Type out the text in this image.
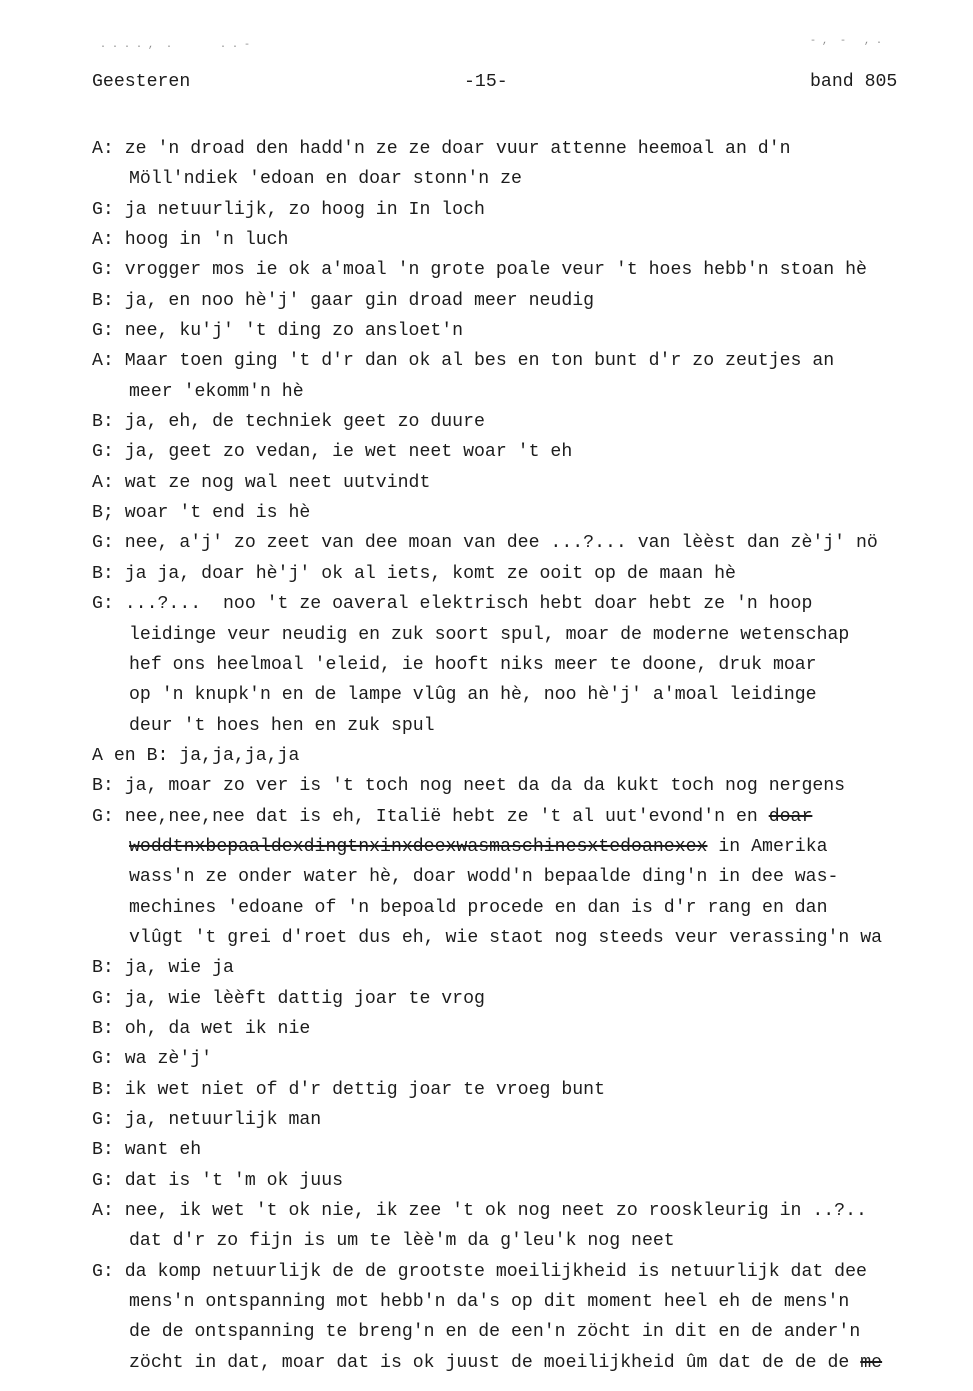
. . . . ,  .        . . -	- ,  -   , .
Geesteren	-15-	band 805
A: ze 'n droad den hadd'n ze ze doar vuur attenne heemoal an d'n
Möll'ndiek 'edoan en doar stonn'n ze
G: ja netuurlijk, zo hoog in In loch
A: hoog in 'n luch
G: vrogger mos ie ok a'moal 'n grote poale veur 't hoes hebb'n stoan hè
B: ja, en noo hè'j' gaar gin droad meer neudig
G: nee, ku'j' 't ding zo ansloet'n
A: Maar toen ging 't d'r dan ok al bes en ton bunt d'r zo zeutjes an
meer 'ekomm'n hè
B: ja, eh, de techniek geet zo duure
G: ja, geet zo vedan, ie wet neet woar 't eh
A: wat ze nog wal neet uutvindt
B; woar 't end is hè
G: nee, a'j' zo zeet van dee moan van dee ...?... van lèèst dan zè'j' nö
B: ja ja, doar hè'j' ok al iets, komt ze ooit op de maan hè
G: ...?...  noo 't ze oaveral elektrisch hebt doar hebt ze 'n hoop
leidinge veur neudig en zuk soort spul, moar de moderne wetenschap
hef ons heelmoal 'eleid, ie hooft niks meer te doone, druk moar
op 'n knupk'n en de lampe vlûg an hè, noo hè'j' a'moal leidinge
deur 't hoes hen en zuk spul
A en B: ja,ja,ja,ja
B: ja, moar zo ver is 't toch nog neet da da da kukt toch nog nergens
G: nee,nee,nee dat is eh, Italië hebt ze 't al uut'evond'n en doar
woddtnxbepaaldexdingtnxinxdeexwasmaschinesxtedoanexex in Amerika
wass'n ze onder water hè, doar wodd'n bepaalde ding'n in dee was-
mechines 'edoane of 'n bepoald procede en dan is d'r rang en dan
vlûgt 't grei d'roet dus eh, wie staot nog steeds veur verassing'n wa
B: ja, wie ja
G: ja, wie lèèft dattig joar te vrog
B: oh, da wet ik nie
G: wa zè'j'
B: ik wet niet of d'r dettig joar te vroeg bunt
G: ja, netuurlijk man
B: want eh
G: dat is 't 'm ok juus
A: nee, ik wet 't ok nie, ik zee 't ok nog neet zo rooskleurig in ..?..
dat d'r zo fijn is um te lèè'm da g'leu'k nog neet
G: da komp netuurlijk de de grootste moeilijkheid is netuurlijk dat dee
mens'n ontspanning mot hebb'n da's op dit moment heel eh de mens'n
de de ontspanning te breng'n en de een'n zöcht in dit en de ander'n
zöcht in dat, moar dat is ok juust de moeilijkheid ûm dat de de de me
